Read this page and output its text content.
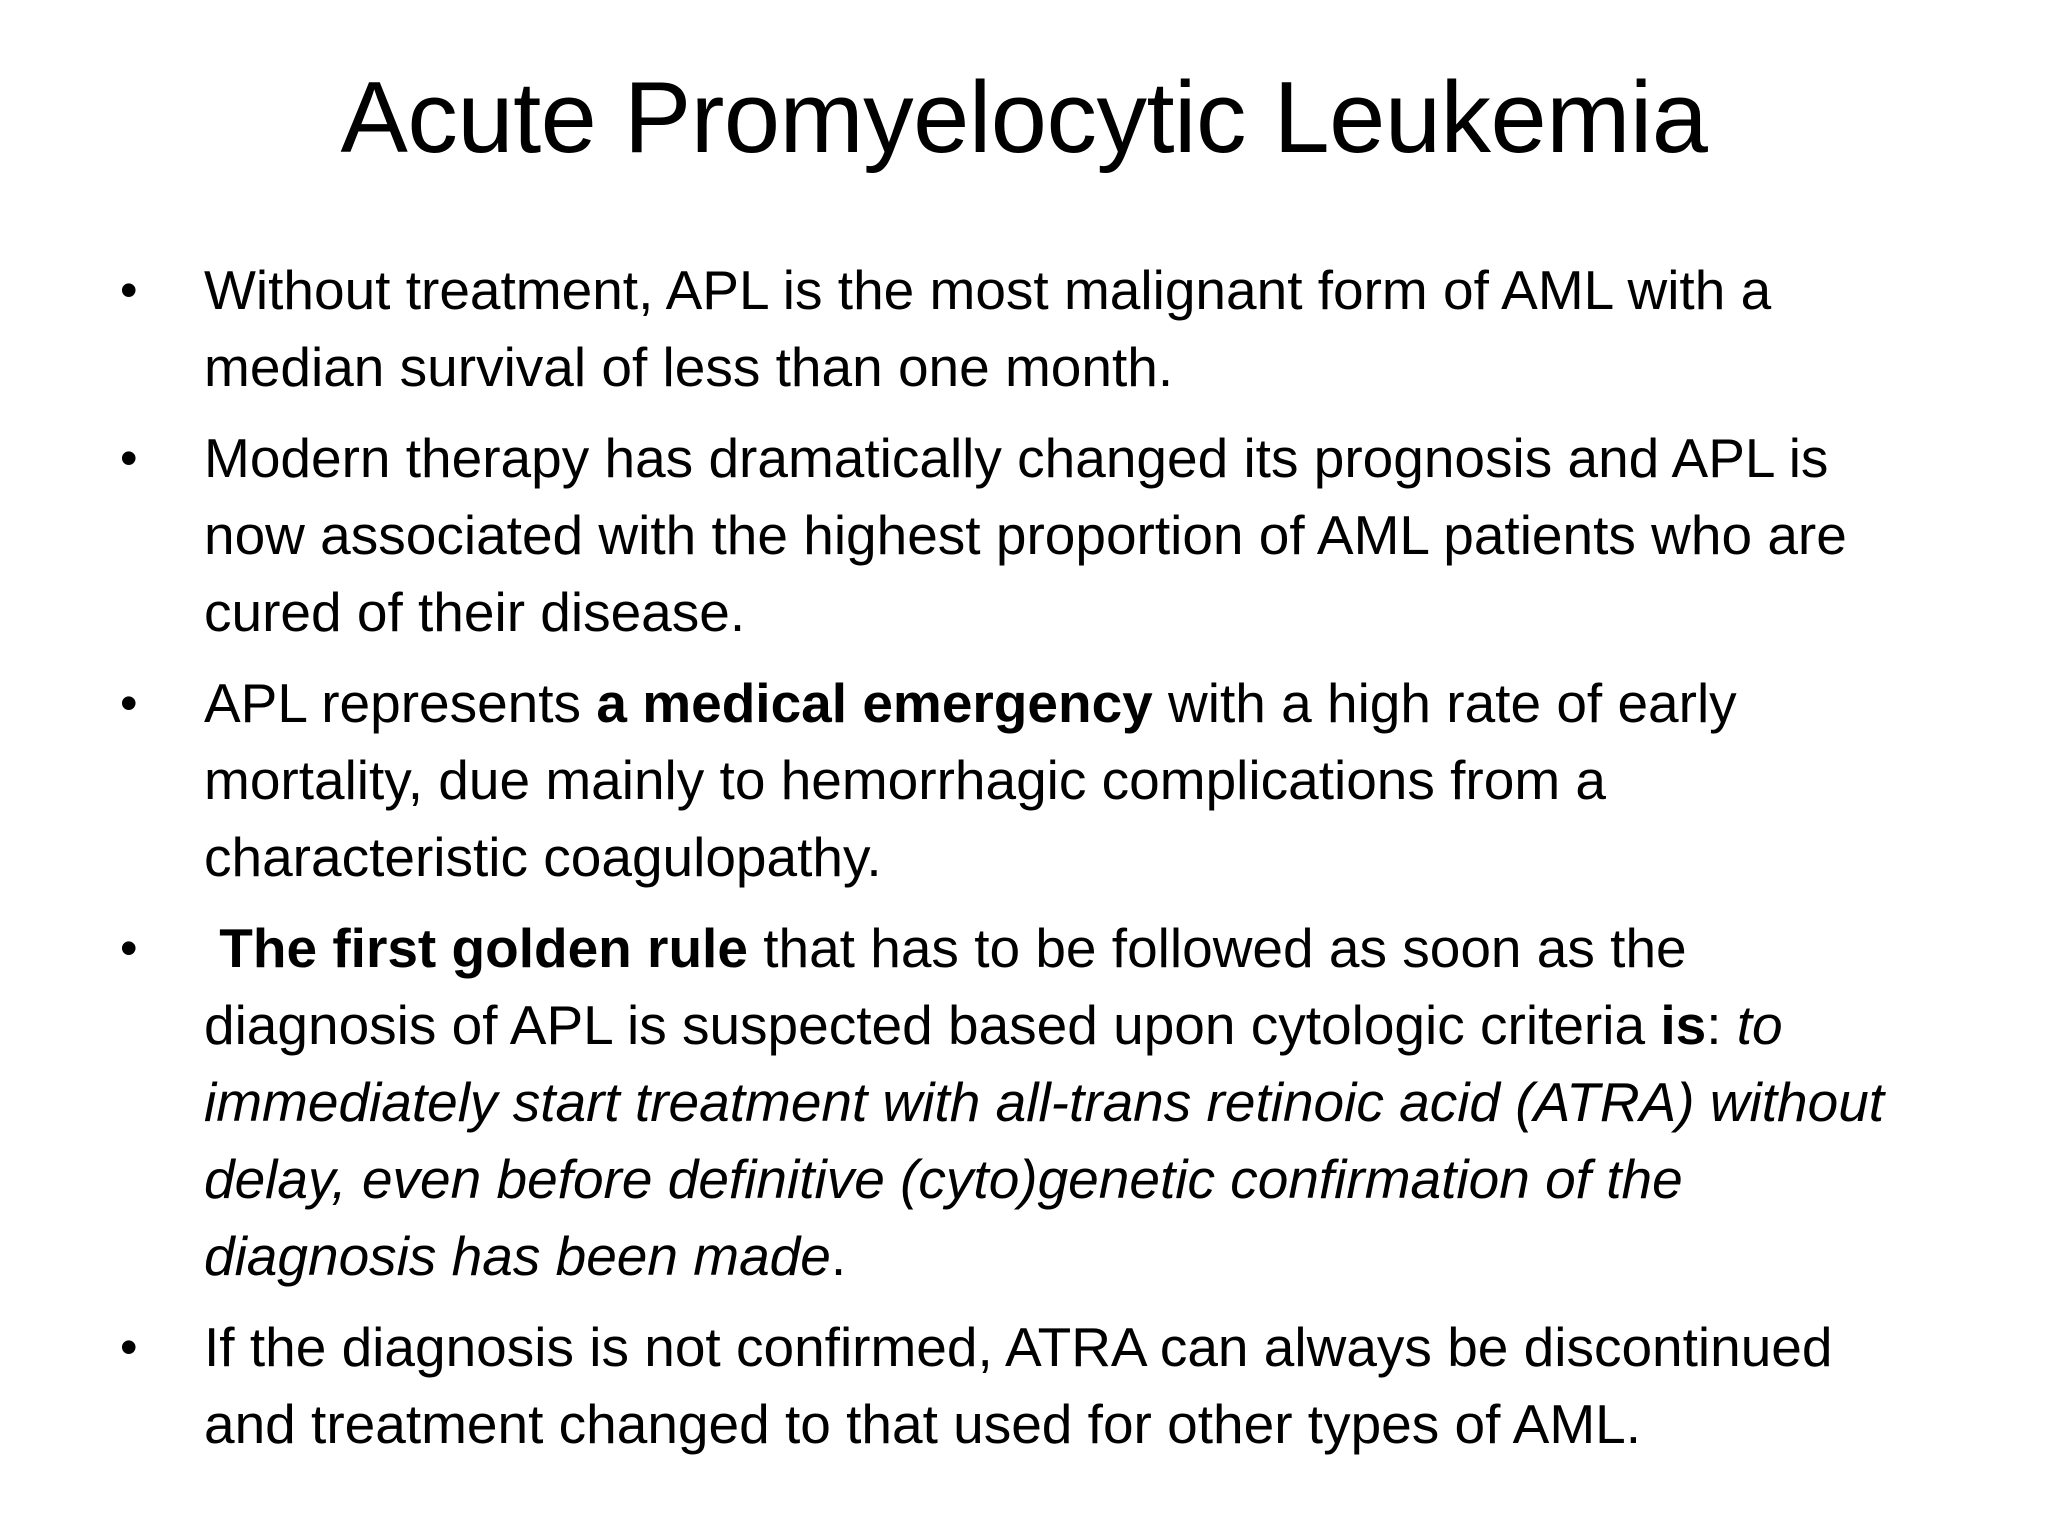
Acute Promyelocytic Leukemia
•	Without treatment, APL is the most malignant form of AML with a median survival of less than one month.
•	Modern therapy has dramatically changed its prognosis and APL is now associated with the highest proportion of AML patients who are cured of their disease.
•	APL represents a medical emergency with a high rate of early mortality, due mainly to hemorrhagic complications from a characteristic coagulopathy.
•	The first golden rule that has to be followed as soon as the diagnosis of APL is suspected based upon cytologic criteria is: to immediately start treatment with all-trans retinoic acid (ATRA) without delay, even before definitive (cyto)genetic confirmation of the diagnosis has been made.
•	If the diagnosis is not confirmed, ATRA can always be discontinued and treatment changed to that used for other types of AML.
